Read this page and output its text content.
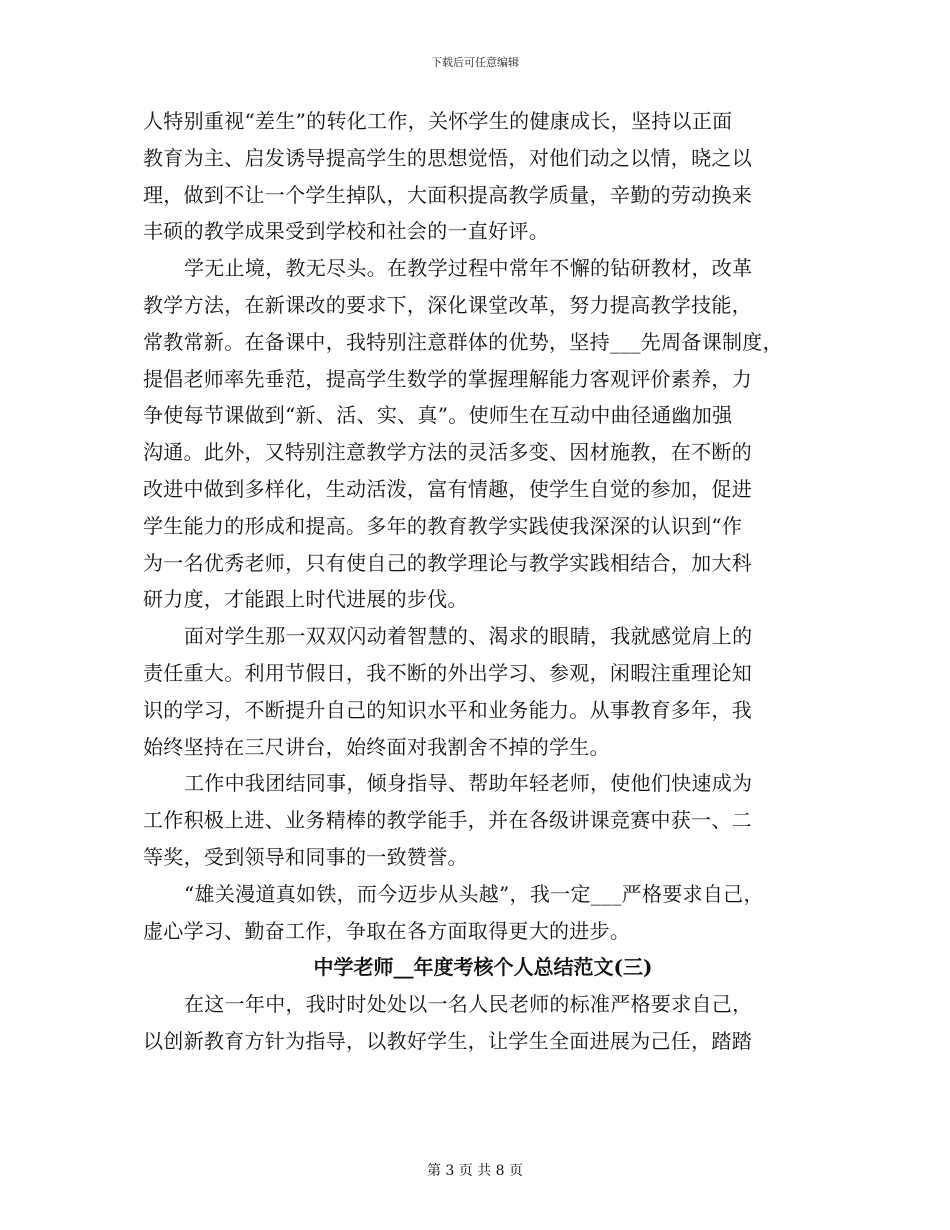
下载后可任意编辑
人特别重视“差生”的转化工作，关怀学生的健康成长，坚持以正面
教育为主、启发诱导提高学生的思想觉悟，对他们动之以情，晓之以
理，做到不让一个学生掉队，大面积提高教学质量，辛勤的劳动换来
丰硕的教学成果受到学校和社会的一直好评。
学无止境，教无尽头。在教学过程中常年不懈的钻研教材，改革
教学方法，在新课改的要求下，深化课堂改革，努力提高教学技能，
常教常新。在备课中，我特别注意群体的优势，坚持___先周备课制度，
提倡老师率先垂范，提高学生数学的掌握理解能力客观评价素养，力
争使每节课做到“新、活、实、真”。使师生在互动中曲径通幽加强
沟通。此外，又特别注意教学方法的灵活多变、因材施教，在不断的
改进中做到多样化，生动活泼，富有情趣，使学生自觉的参加，促进
学生能力的形成和提高。多年的教育教学实践使我深深的认识到“作
为一名优秀老师，只有使自己的教学理论与教学实践相结合，加大科
研力度，才能跟上时代进展的步伐。
面对学生那一双双闪动着智慧的、渴求的眼睛，我就感觉肩上的
责任重大。利用节假日，我不断的外出学习、参观，闲暇注重理论知
识的学习，不断提升自己的知识水平和业务能力。从事教育多年，我
始终坚持在三尺讲台，始终面对我割舍不掉的学生。
工作中我团结同事，倾身指导、帮助年轻老师，使他们快速成为
工作积极上进、业务精棒的教学能手，并在各级讲课竞赛中获一、二
等奖，受到领导和同事的一致赞誉。
“雄关漫道真如铁，而今迈步从头越”，我一定___严格要求自己，
虚心学习、勤奋工作，争取在各方面取得更大的进步。
中学老师__年度考核个人总结范文(三)
在这一年中，我时时处处以一名人民老师的标准严格要求自己，
以创新教育方针为指导，以教好学生，让学生全面进展为己任，踏踏
第 3 页 共 8 页
